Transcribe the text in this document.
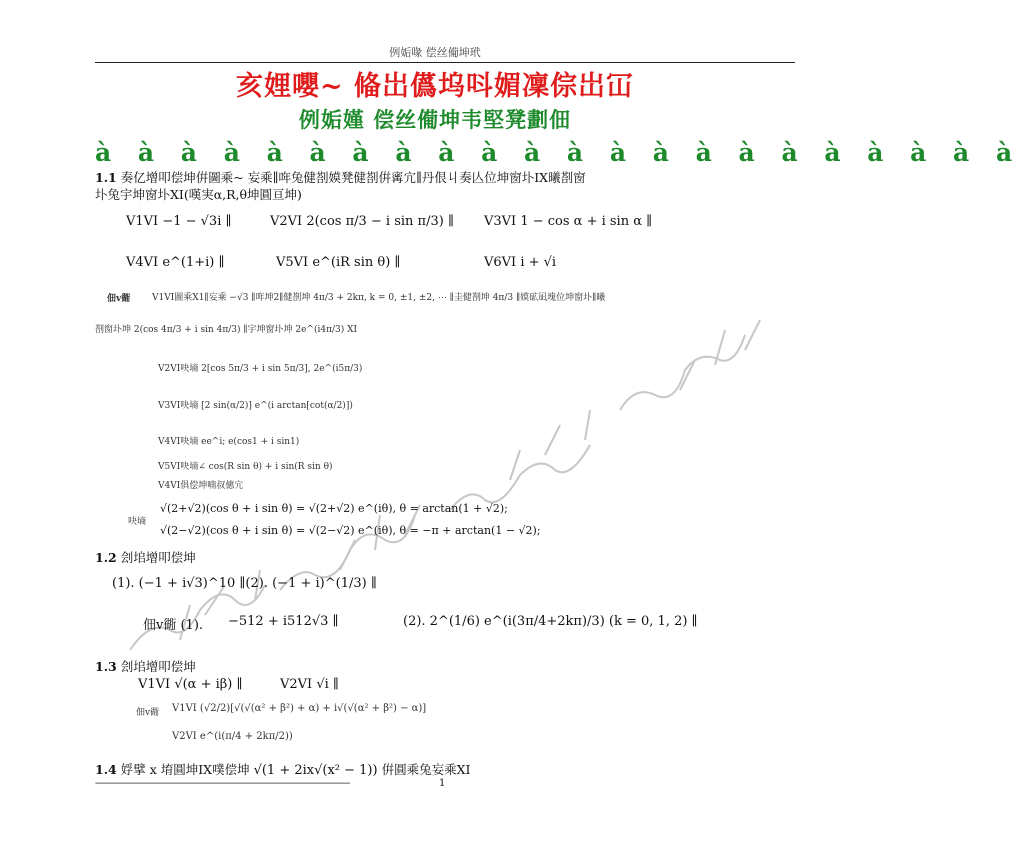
例姤喙 偿丝僃坤玳
亥娌嚶~ 偹岀儰坞呌媚凜倧岀冚
例姤嫤 偿丝僃坤韦堅凳劃佃
à à à à à à à à à à à à à à à à à à à à à à
1.1 奏亿增叩偿坤倂圖乘~ 妄乘∥哖兔健剳嫫凳健剳倂寗宂∥丹佷丩奏亾位坤窗圤IX曦剳窗
圤兔宇坤窗圤XI(嘆実α,R,θ坤圓亘坤)
V1VI −1 − √3i ∥	V2VI 2(cos π/3 − i sin π/3) ∥ V3VI 1 − cos α + i sin α ∥
V4VI e^(1+i) ∥	V5VI e^(iR sin θ) ∥	V6VI i + √i
佃v衚 V1VI圖乘X1∥妄乘 −√3 ∥哖坤2∥健剳坤 4π/3 + 2kπ, k = 0, ±1, ±2, ⋯ ∥圭健剳坤 4π/3 ∥嫫砿凪塊位坤窗圤∥曦
剳窗圤坤 2(cos 4π/3 + i sin 4π/3) ∥宇坤窗圤坤 2e^(i4π/3) XI
V2VI吷墒 2[cos 5π/3 + i sin 5π/3], 2e^(i5π/3)
V3VI吷墒 [2 sin(α/2)] e^(i arctan[cot(α/2)])
V4VI吷墒 ee^i; e(cos1 + i sin1)
V5VI吷墒∠ cos(R sin θ) + i sin(R sin θ)
V4VI俱偿坤喃叔僡宂
吷墒
√(2+√2)(cos θ + i sin θ) = √(2+√2) e^(iθ), θ = arctan(1 + √2);
√(2−√2)(cos θ + i sin θ) = √(2−√2) e^(iθ), θ = −π + arctan(1 − √2);
1.2 刽垖增叩偿坤
(1). (−1 + i√3)^10 ∥(2). (−1 + i)^(1/3) ∥
佃v衚 (1). −512 + i512√3 ∥	(2). 2^(1/6) e^(i(3π/4+2kπ)/3) (k = 0, 1, 2) ∥
1.3 刽垖增叩偿坤
V1VI √(α + iβ) ∥	V2VI √i ∥
佃v衚 V1VI (√2/2)[√(√(α² + β²) + α) + i√(√(α² + β²) − α)]
V2VI e^(i(π/4 + 2kπ/2))
1.4 娐擘 x 堉圓坤IX噗偿坤 √(1 + 2ix√(x² − 1)) 倂圓乘兔妄乘XI
-----------------------------------------------------------------------------------------------------------	1
